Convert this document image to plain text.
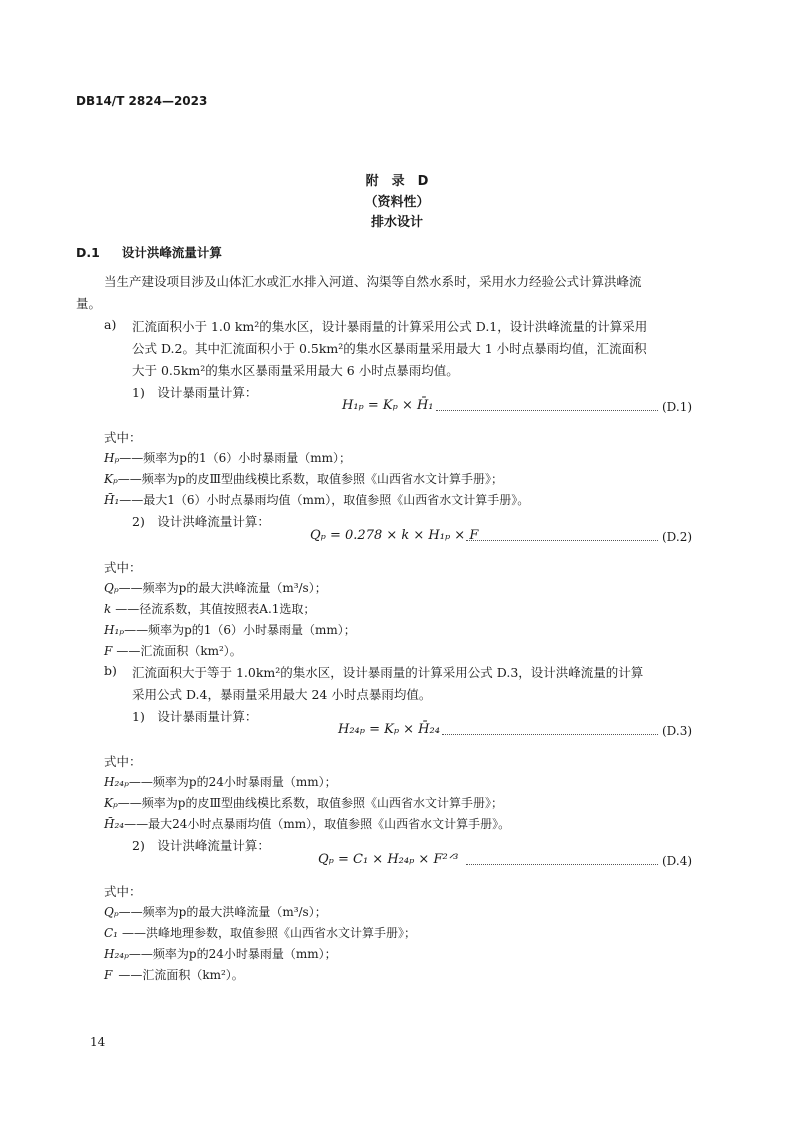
DB14/T 2824—2023
附　录　D
（资料性）
排水设计
D.1 设计洪峰流量计算
当生产建设项目涉及山体汇水或汇水排入河道、沟渠等自然水系时，采用水力经验公式计算洪峰流
量。
a) 汇流面积小于 1.0 km²的集水区，设计暴雨量的计算采用公式 D.1，设计洪峰流量的计算采用
公式 D.2。其中汇流面积小于 0.5km²的集水区暴雨量采用最大 1 小时点暴雨均值，汇流面积
大于 0.5km²的集水区暴雨量采用最大 6 小时点暴雨均值。
1)　设计暴雨量计算：
H₁ₚ = Kₚ × H̄₁	(D.1)
式中：
Hₚ——频率为p的1（6）小时暴雨量（mm）；
Kₚ——频率为p的皮Ⅲ型曲线模比系数，取值参照《山西省水文计算手册》；
H̄₁——最大1（6）小时点暴雨均值（mm），取值参照《山西省水文计算手册》。
2)　设计洪峰流量计算：
Qₚ = 0.278 × k × H₁ₚ × F	(D.2)
式中：
Qₚ——频率为p的最大洪峰流量（m³/s）；
k ——径流系数，其值按照表A.1选取；
H₁ₚ——频率为p的1（6）小时暴雨量（mm）；
F ——汇流面积（km²）。
b) 汇流面积大于等于 1.0km²的集水区，设计暴雨量的计算采用公式 D.3，设计洪峰流量的计算
采用公式 D.4，暴雨量采用最大 24 小时点暴雨均值。
1)　设计暴雨量计算：
H₂₄ₚ = Kₚ × H̄₂₄	(D.3)
式中：
H₂₄ₚ——频率为p的24小时暴雨量（mm）；
Kₚ——频率为p的皮Ⅲ型曲线模比系数，取值参照《山西省水文计算手册》；
H̄₂₄——最大24小时点暴雨均值（mm），取值参照《山西省水文计算手册》。
2)　设计洪峰流量计算：
Qₚ = C₁ × H₂₄ₚ × F²ᐟ³	(D.4)
式中：
Qₚ——频率为p的最大洪峰流量（m³/s）；
C₁ ——洪峰地理参数，取值参照《山西省水文计算手册》；
H₂₄ₚ——频率为p的24小时暴雨量（mm）；
F ——汇流面积（km²）。
14
